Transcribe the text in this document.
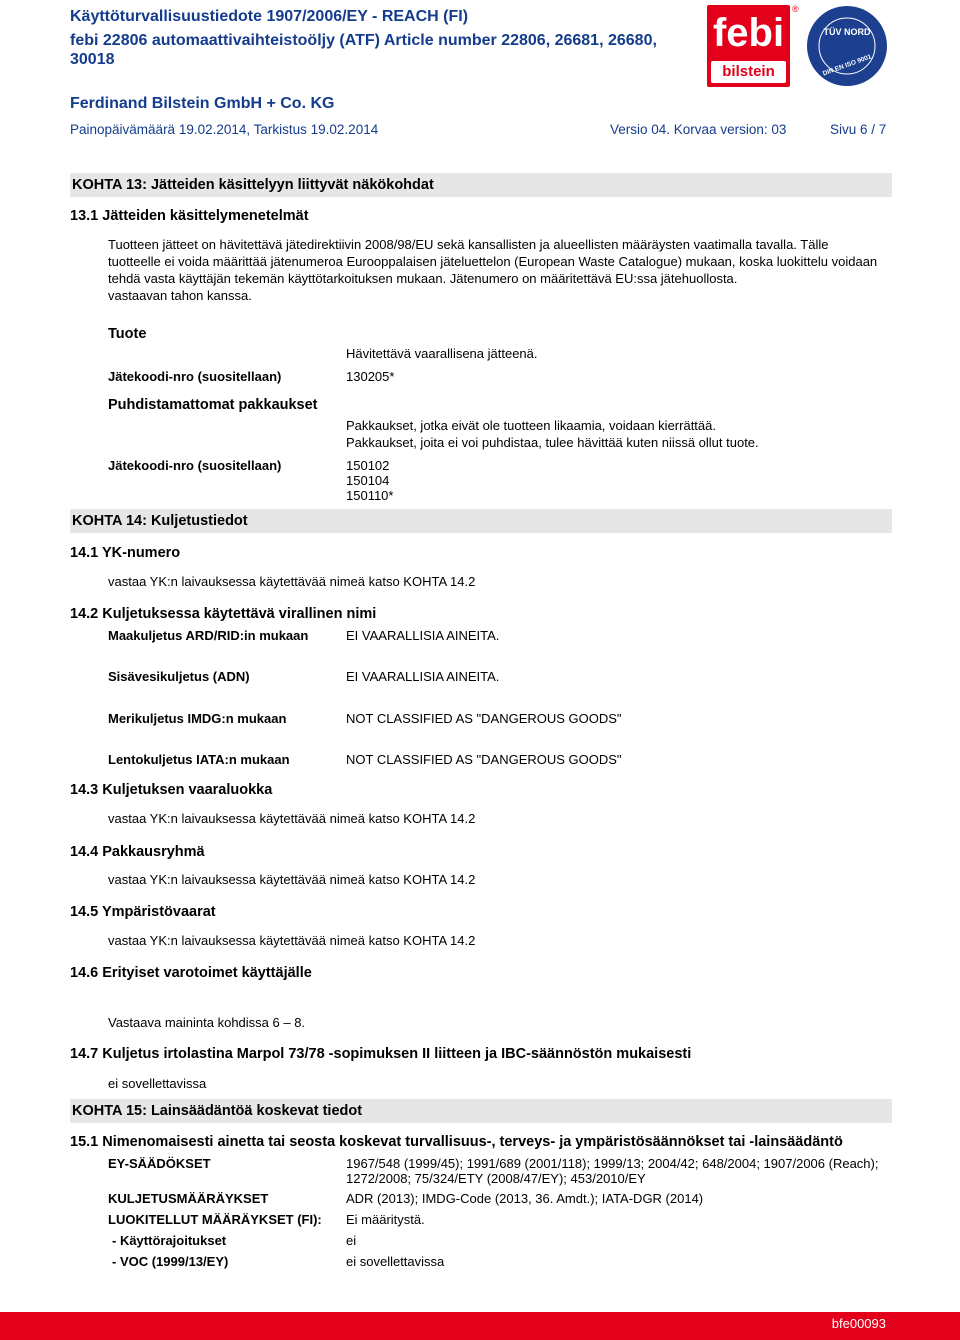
Käyttöturvallisuustiedote 1907/2006/EY - REACH (FI)
febi 22806 automaattivaihteistoöljy (ATF) Article number 22806, 26681, 26680,
30018
Ferdinand Bilstein GmbH + Co. KG
Painopäivämäärä 19.02.2014, Tarkistus 19.02.2014	Versio 04. Korvaa version: 03	Sivu 6 / 7
febi
bilstein
®
TÜV NORD
DIN EN ISO 9001
KOHTA 13: Jätteiden käsittelyyn liittyvät näkökohdat
13.1 Jätteiden käsittelymenetelmät
Tuotteen jätteet on hävitettävä jätedirektiivin 2008/98/EU sekä kansallisten ja alueellisten määräysten vaatimalla tavalla. Tälle
tuotteelle ei voida määrittää jätenumeroa Eurooppalaisen jäteluettelon (European Waste Catalogue) mukaan, koska luokittelu voidaan
tehdä vasta käyttäjän tekemän käyttötarkoituksen mukaan. Jätenumero on määritettävä EU:ssa jätehuollosta.
vastaavan tahon kanssa.
Tuote
Hävitettävä vaarallisena jätteenä.
Jätekoodi-nro (suositellaan)	130205*
Puhdistamattomat pakkaukset
Pakkaukset, jotka eivät ole tuotteen likaamia, voidaan kierrättää.
Pakkaukset, joita ei voi puhdistaa, tulee hävittää kuten niissä ollut tuote.
Jätekoodi-nro (suositellaan)	150102
150104
150110*
KOHTA 14: Kuljetustiedot
14.1 YK-numero
vastaa YK:n laivauksessa käytettävää nimeä katso KOHTA 14.2
14.2 Kuljetuksessa käytettävä virallinen nimi
Maakuljetus ARD/RID:in mukaan	EI VAARALLISIA AINEITA.
Sisävesikuljetus (ADN)	EI VAARALLISIA AINEITA.
Merikuljetus IMDG:n mukaan	NOT CLASSIFIED AS "DANGEROUS GOODS"
Lentokuljetus IATA:n mukaan	NOT CLASSIFIED AS "DANGEROUS GOODS"
14.3 Kuljetuksen vaaraluokka
vastaa YK:n laivauksessa käytettävää nimeä katso KOHTA 14.2
14.4 Pakkausryhmä
vastaa YK:n laivauksessa käytettävää nimeä katso KOHTA 14.2
14.5 Ympäristövaarat
vastaa YK:n laivauksessa käytettävää nimeä katso KOHTA 14.2
14.6 Erityiset varotoimet käyttäjälle
Vastaava maininta kohdissa 6 – 8.
14.7 Kuljetus irtolastina Marpol 73/78 -sopimuksen II liitteen ja IBC-säännöstön mukaisesti
ei sovellettavissa
KOHTA 15: Lainsäädäntöä koskevat tiedot
15.1 Nimenomaisesti ainetta tai seosta koskevat turvallisuus-, terveys- ja ympäristösäännökset tai -lainsäädäntö
EY-SÄÄDÖKSET	1967/548 (1999/45); 1991/689 (2001/118); 1999/13; 2004/42; 648/2004; 1907/2006 (Reach);
1272/2008; 75/324/ETY (2008/47/EY); 453/2010/EY
KULJETUSMÄÄRÄYKSET	ADR (2013); IMDG-Code (2013, 36. Amdt.); IATA-DGR (2014)
LUOKITELLUT MÄÄRÄYKSET (FI): Ei määritystä.
- Käyttörajoitukset	ei
- VOC (1999/13/EY)	ei sovellettavissa
bfe00093
